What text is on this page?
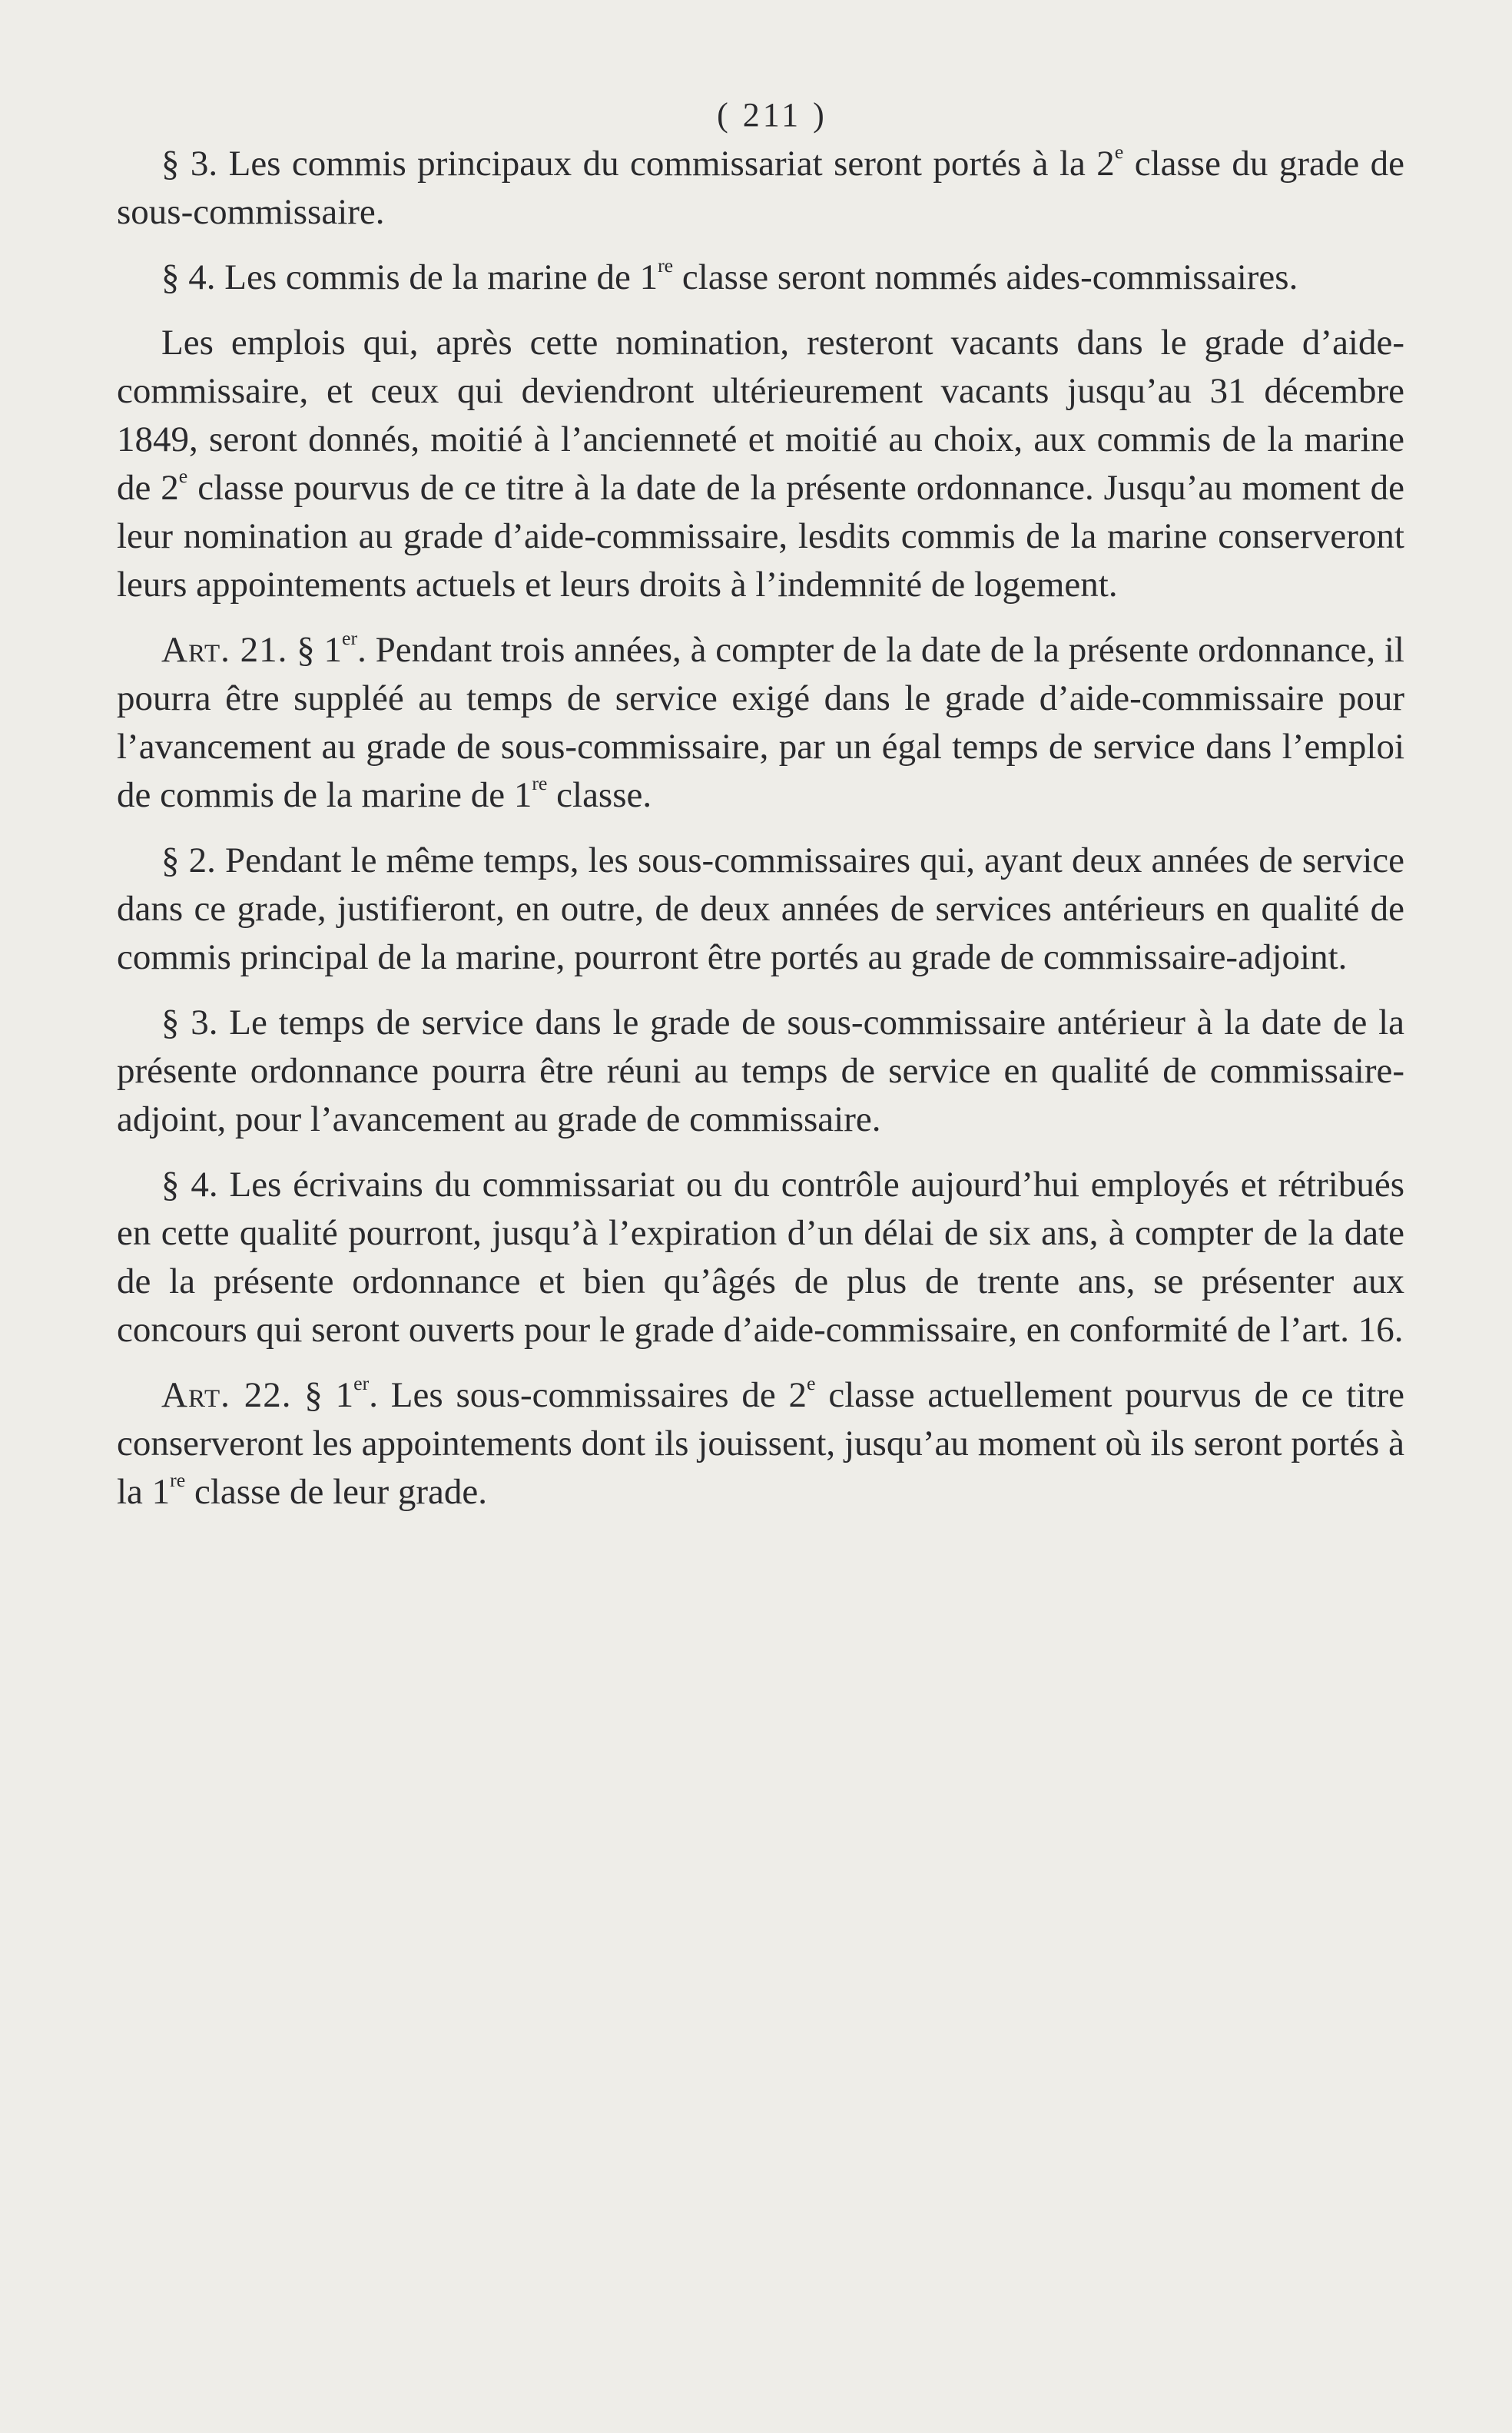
( 211 )

§ 3. Les commis principaux du commissariat seront portés à la 2e classe du grade de sous-commissaire.

§ 4. Les commis de la marine de 1re classe seront nommés aides-commissaires.

Les emplois qui, après cette nomination, resteront vacants dans le grade d’aide-commissaire, et ceux qui deviendront ultérieurement vacants jusqu’au 31 décembre 1849, seront donnés, moitié à l’ancienneté et moitié au choix, aux commis de la marine de 2e classe pourvus de ce titre à la date de la présente ordonnance. Jusqu’au moment de leur nomination au grade d’aide-commissaire, lesdits commis de la marine conserveront leurs appointements actuels et leurs droits à l’indemnité de logement.

Art. 21. § 1er. Pendant trois années, à compter de la date de la présente ordonnance, il pourra être suppléé au temps de service exigé dans le grade d’aide-commissaire pour l’avancement au grade de sous-commissaire, par un égal temps de service dans l’emploi de commis de la marine de 1re classe.

§ 2. Pendant le même temps, les sous-commissaires qui, ayant deux années de service dans ce grade, justifieront, en outre, de deux années de services antérieurs en qualité de commis principal de la marine, pourront être portés au grade de commissaire-adjoint.

§ 3. Le temps de service dans le grade de sous-commissaire antérieur à la date de la présente ordonnance pourra être réuni au temps de service en qualité de commissaire-adjoint, pour l’avancement au grade de commissaire.

§ 4. Les écrivains du commissariat ou du contrôle aujourd’hui employés et rétribués en cette qualité pourront, jusqu’à l’expiration d’un délai de six ans, à compter de la date de la présente ordonnance et bien qu’âgés de plus de trente ans, se présenter aux concours qui seront ouverts pour le grade d’aide-commissaire, en conformité de l’art. 16.

Art. 22. § 1er. Les sous-commissaires de 2e classe actuellement pourvus de ce titre conserveront les appointements dont ils jouissent, jusqu’au moment où ils seront portés à la 1re classe de leur grade.
